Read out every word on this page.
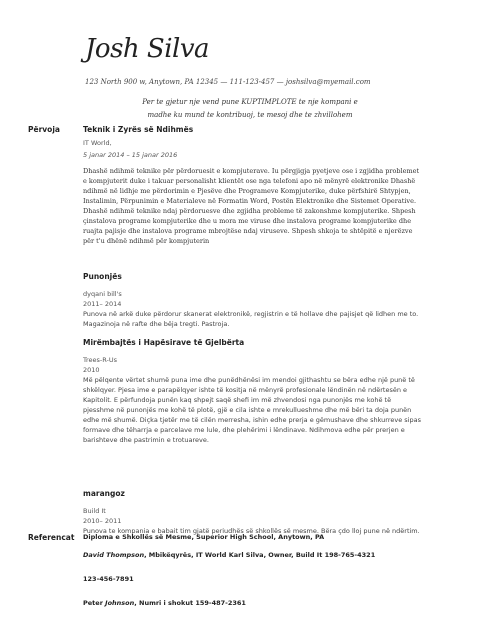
Josh Silva
123 North 900 w, Anytown, PA 12345 — 111-123-457 — joshsilva@myemail.com
Per te gjetur nje vend pune KUPTIMPLOTE te nje kompani e
madhe ku mund te kontribuoj, te mesoj dhe te zhvillohem
Përvoja	Teknik i Zyrës së Ndihmës

IT World,

5 janar 2014 – 15 janar 2016

Dhashë ndihmë teknike për përdoruesit e kompjuterave. Iu përgjigja pyetjeve ose i zgjidha problemet e kompjuterit duke i takuar personalisht klientët ose nga telefoni apo në mënyrë elektronike Dhashë ndihmë në lidhje me përdorimin e Pjesëve dhe Programeve Kompjuterike, duke përfshirë Shtypjen, Instalimin, Përpunimin e Materialeve në Formatin Word, Postën Elektronike dhe Sistemet Operative. Dhashë ndihmë teknike ndaj përdoruesve dhe zgjidha probleme të zakonshme kompjuterike. Shpesh çinstalova programe kompjuterike dhe u mora me viruse dhe instalova programe kompjuterike dhe ruajta pajisje dhe instalova programe mbrojtëse ndaj viruseve. Shpesh shkoja te shtëpitë e njerëzve për t'u dhënë ndihmë për kompjuterin

Punonjës

dyqani bill's

2011– 2014

Punova në arkë duke përdorur skanerat elektronikë, regjistrin e të hollave dhe pajisjet që lidhen me to. Magazinoja në rafte dhe bëja tregti. Pastroja.

Mirëmbajtës i Hapësirave të Gjelbërta

Trees-R-Us

2010

Më pëlqente vërtet shumë puna ime dhe punëdhënësi im mendoi gjithashtu se bëra edhe një punë të shkëlqyer. Pjesa ime e parapëlqyer ishte të kositja në mënyrë profesionale lëndinën në ndërtesën e Kapitolit. E përfundoja punën kaq shpejt saqë shefi im më zhvendosi nga punonjës me kohë të pjesshme në punonjës me kohë të plotë, gjë e cila ishte e mrekullueshme dhe më bëri ta doja punën edhe më shumë. Diçka tjetër me të cilën merresha, ishin edhe prerja e gëmushave dhe shkurreve sipas formave dhe tëharrja e parcelave me lule, dhe plehërimi i lëndinave. Ndihmova edhe për prerjen e barishteve dhe pastrimin e trotuareve.

marangoz

Build It

2010– 2011

Punova te kompania e babait tim gjatë periudhës së shkollës së mesme. Bëra çdo lloj pune në ndërtim.

Referencat Diploma e Shkollës së Mesme, Superior High School, Anytown, PA

David Thompson, Mbikëqyrës, IT World Karl Silva, Owner, Build It 198-765-4321

123-456-7891

Peter Johnson, Numri i shokut 159-487-2361
